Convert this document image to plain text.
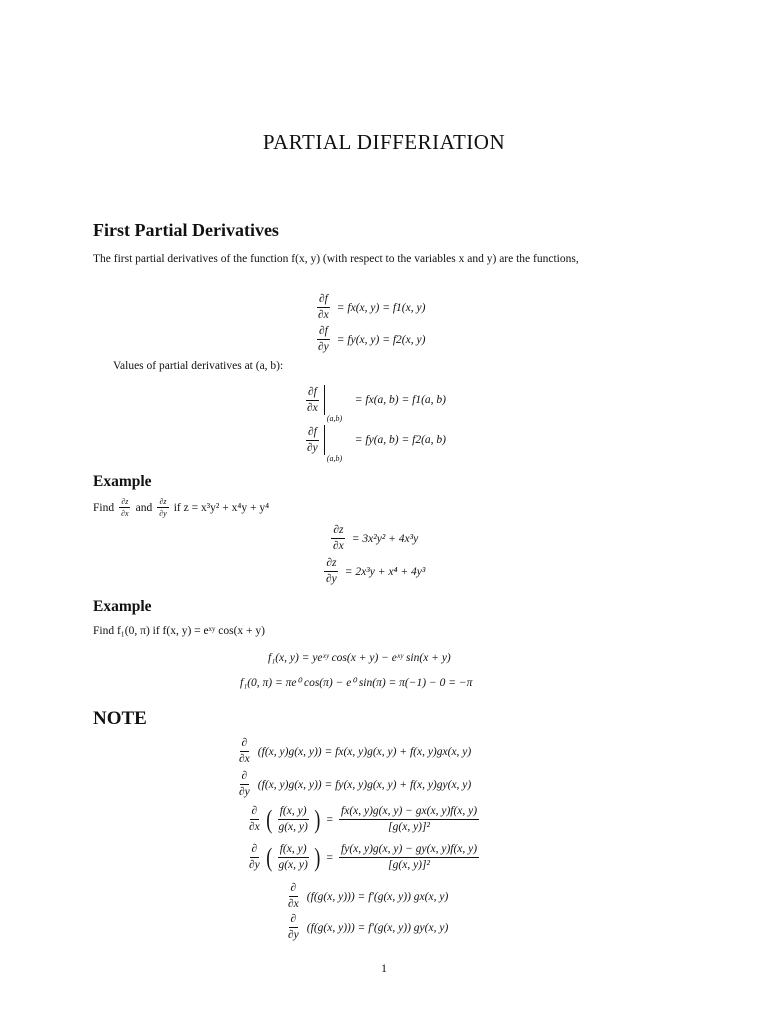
PARTIAL DIFFERIATION
First Partial Derivatives
The first partial derivatives of the function f(x, y) (with respect to the variables x and y) are the functions,
$\frac{\partial f}{\partial x} = fx(x$, y) = f1(x, y)
$\frac{\partial f}{\partial y} = fy(x$, y) = f2(x, y)
Values of partial derivatives at (a, b):
$\frac{\partial f}{\partial x}$
(a,b)
= fx(a, b) = f1(a, b)
$\frac{\partial f}{\partial y}$
(a,b)
= fy(a, b) = f2(a, b)
Example
Find $\frac{\partial z}{\partial x}$ and $\frac{\partial z}{\partial y}$ if z = x³y² + x⁴y + y⁴
$\frac{\partial z}{\partial x} = 3x^2y^2 + 4x^3y$
$\frac{\partial z}{\partial y} = 2x^3y + x^4 + 4y^3$
Example
Find f₁(0, π) if f(x, y) = eˣʸ cos(x + y)
f₁(x, y) = yeˣʸ cos(x + y) − eˣʸ sin(x + y)
f₁(0, π) = πe⁰ cos(π) − e⁰ sin(π) = π(−1) − 0 = −π
NOTE
$\frac{\partial}{\partial x} (f(x$, y)g(x, y)) = fx(x, y)g(x, y) + f(x, y)gx(x, y)
$\frac{\partial}{\partial y} (f(x$, y)g(x, y)) = fy(x, y)g(x, y) + f(x, y)gy(x, y)
$\frac{\partial}{\partial x}$ ( $\frac{f(x, y)}{g(x, y)}$ ) = $\frac{fx(x, y)g(x, y) - gx(x, y)f(x, y)}{\text{[g(x, y)]²}}$
$\frac{\partial}{\partial y}$ ( $\frac{f(x, y)}{g(x, y)}$ ) = $\frac{fy(x, y)g(x, y) - gy(x, y)f(x, y)}{\text{[g(x, y)]²}}$
$\frac{\partial}{\partial x} (f(g(x$, y))) = f′(g(x, y)) gx(x, y)
$\frac{\partial}{\partial y} (f(g(x$, y))) = f′(g(x, y)) gy(x, y)
1
